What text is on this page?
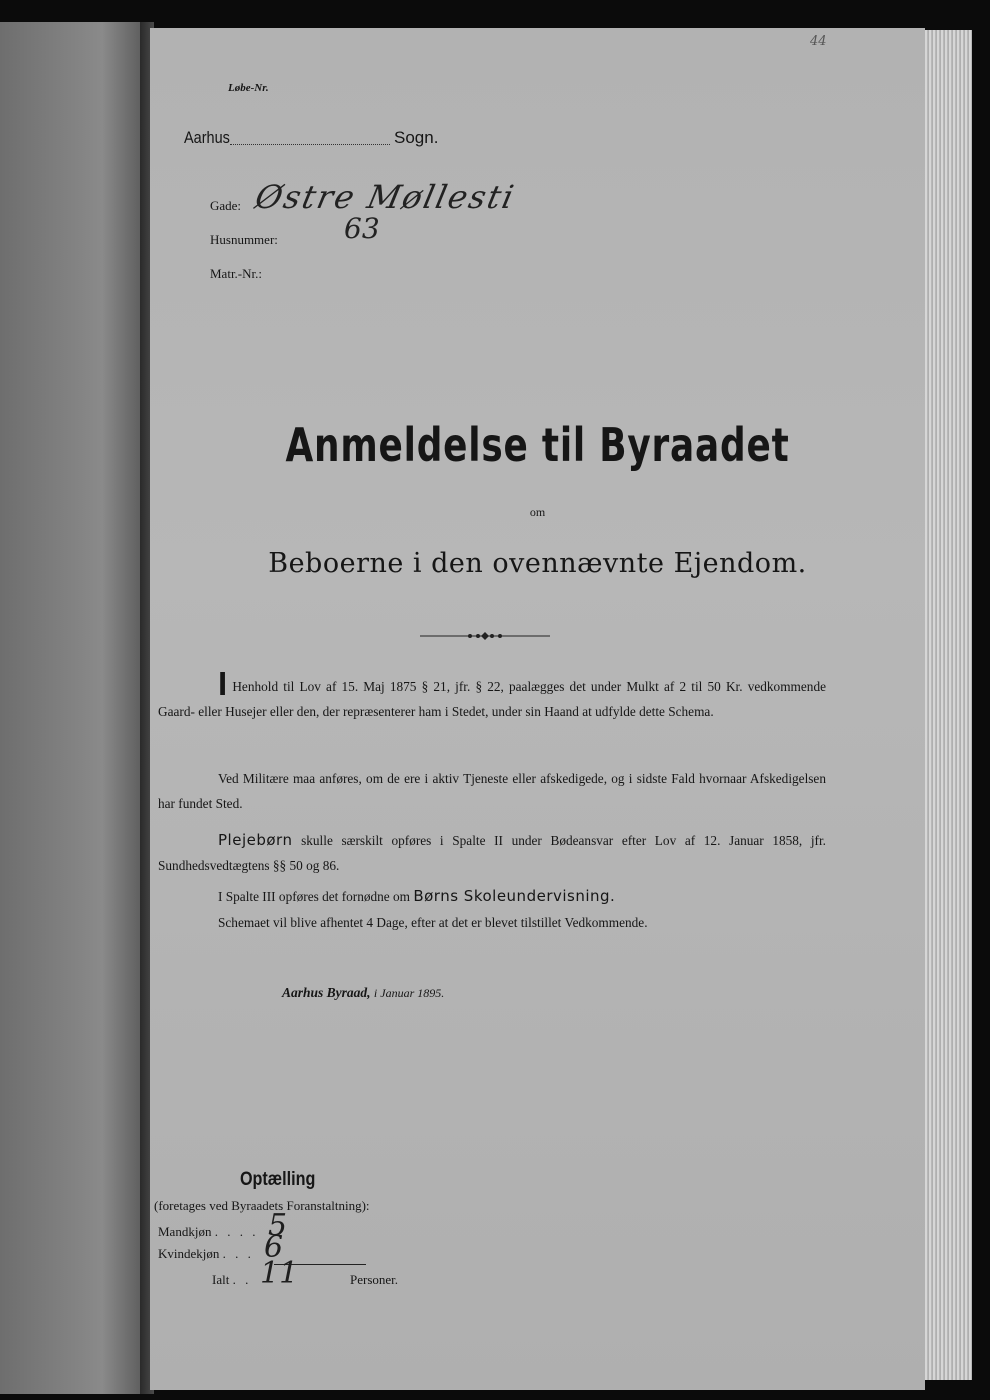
44
Løbe-Nr.
Aarhus	Sogn.
Gade: Østre Møllesti
Husnummer: 63
Matr.-Nr.:
Anmeldelse til Byraadet
om
Beboerne i den ovennævnte Ejendom.
I Henhold til Lov af 15. Maj 1875 § 21, jfr. § 22, paalægges det under Mulkt af 2 til 50 Kr. vedkommende Gaard- eller Husejer eller den, der repræsenterer ham i Stedet, under sin Haand at udfylde dette Schema.
Ved Militære maa anføres, om de ere i aktiv Tjeneste eller afskedigede, og i sidste Fald hvornaar Afskedigelsen har fundet Sted.
Plejebørn skulle særskilt opføres i Spalte II under Bødeansvar efter Lov af 12. Januar 1858, jfr. Sundhedsvedtægtens §§ 50 og 86.
I Spalte III opføres det fornødne om Børns Skoleundervisning.
Schemaet vil blive afhentet 4 Dage, efter at det er blevet tilstillet Vedkommende.
Aarhus Byraad, i Januar 1895.
Optælling
(foretages ved Byraadets Foranstaltning):
Mandkjøn . . . . 5
Kvindekjøn . . . 6
Ialt . . 11	Personer.
